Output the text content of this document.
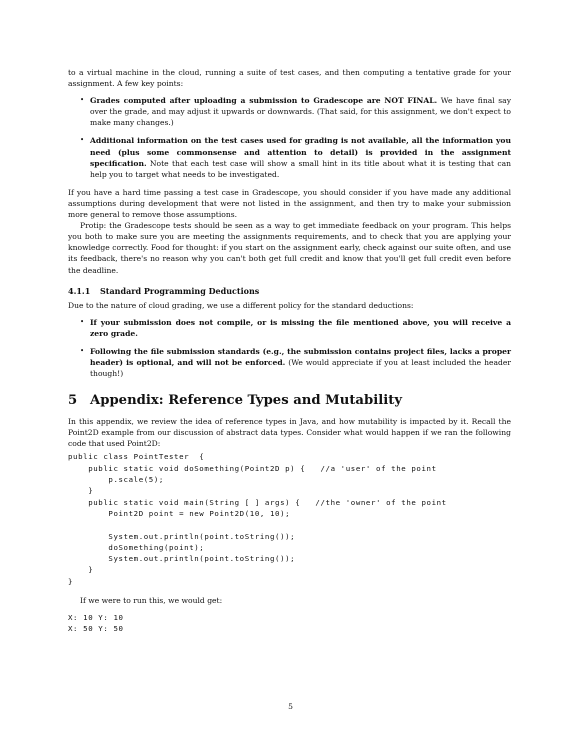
to a virtual machine in the cloud, running a suite of test cases, and then computing a tentative grade for your assignment. A few key points:

• Grades computed after uploading a submission to Gradescope are NOT FINAL. We have final say over the grade, and may adjust it upwards or downwards. (That said, for this assignment, we don't expect to make many changes.)
• Additional information on the test cases used for grading is not available, all the information you need (plus some commonsense and attention to detail) is provided in the assignment specification. Note that each test case will show a small hint in its title about what it is testing that can help you to target what needs to be investigated.

If you have a hard time passing a test case in Gradescope, you should consider if you have made any additional assumptions during development that were not listed in the assignment, and then try to make your submission more general to remove those assumptions.

Protip: the Gradescope tests should be seen as a way to get immediate feedback on your program. This helps you both to make sure you are meeting the assignments requirements, and to check that you are applying your knowledge correctly. Food for thought: if you start on the assignment early, check against our suite often, and use its feedback, there's no reason why you can't both get full credit and know that you'll get full credit even before the deadline.

4.1.1 Standard Programming Deductions

Due to the nature of cloud grading, we use a different policy for the standard deductions:

• If your submission does not compile, or is missing the file mentioned above, you will receive a zero grade.
• Following the file submission standards (e.g., the submission contains project files, lacks a proper header) is optional, and will not be enforced. (We would appreciate if you at least included the header though!)
5 Appendix: Reference Types and Mutability

In this appendix, we review the idea of reference types in Java, and how mutability is impacted by it. Recall the Point2D example from our discussion of abstract data types. Consider what would happen if we ran the following code that used Point2D:

public class PointTester  {
public static void doSomething(Point2D p) {   //a 'user' of the point
p.scale(5);
}
public static void main(String [ ] args) {   //the 'owner' of the point
Point2D point = new Point2D(10, 10);

System.out.println(point.toString());
doSomething(point);
System.out.println(point.toString());
}
}

If we were to run this, we would get:

X: 10 Y: 10
X: 50 Y: 50
5
